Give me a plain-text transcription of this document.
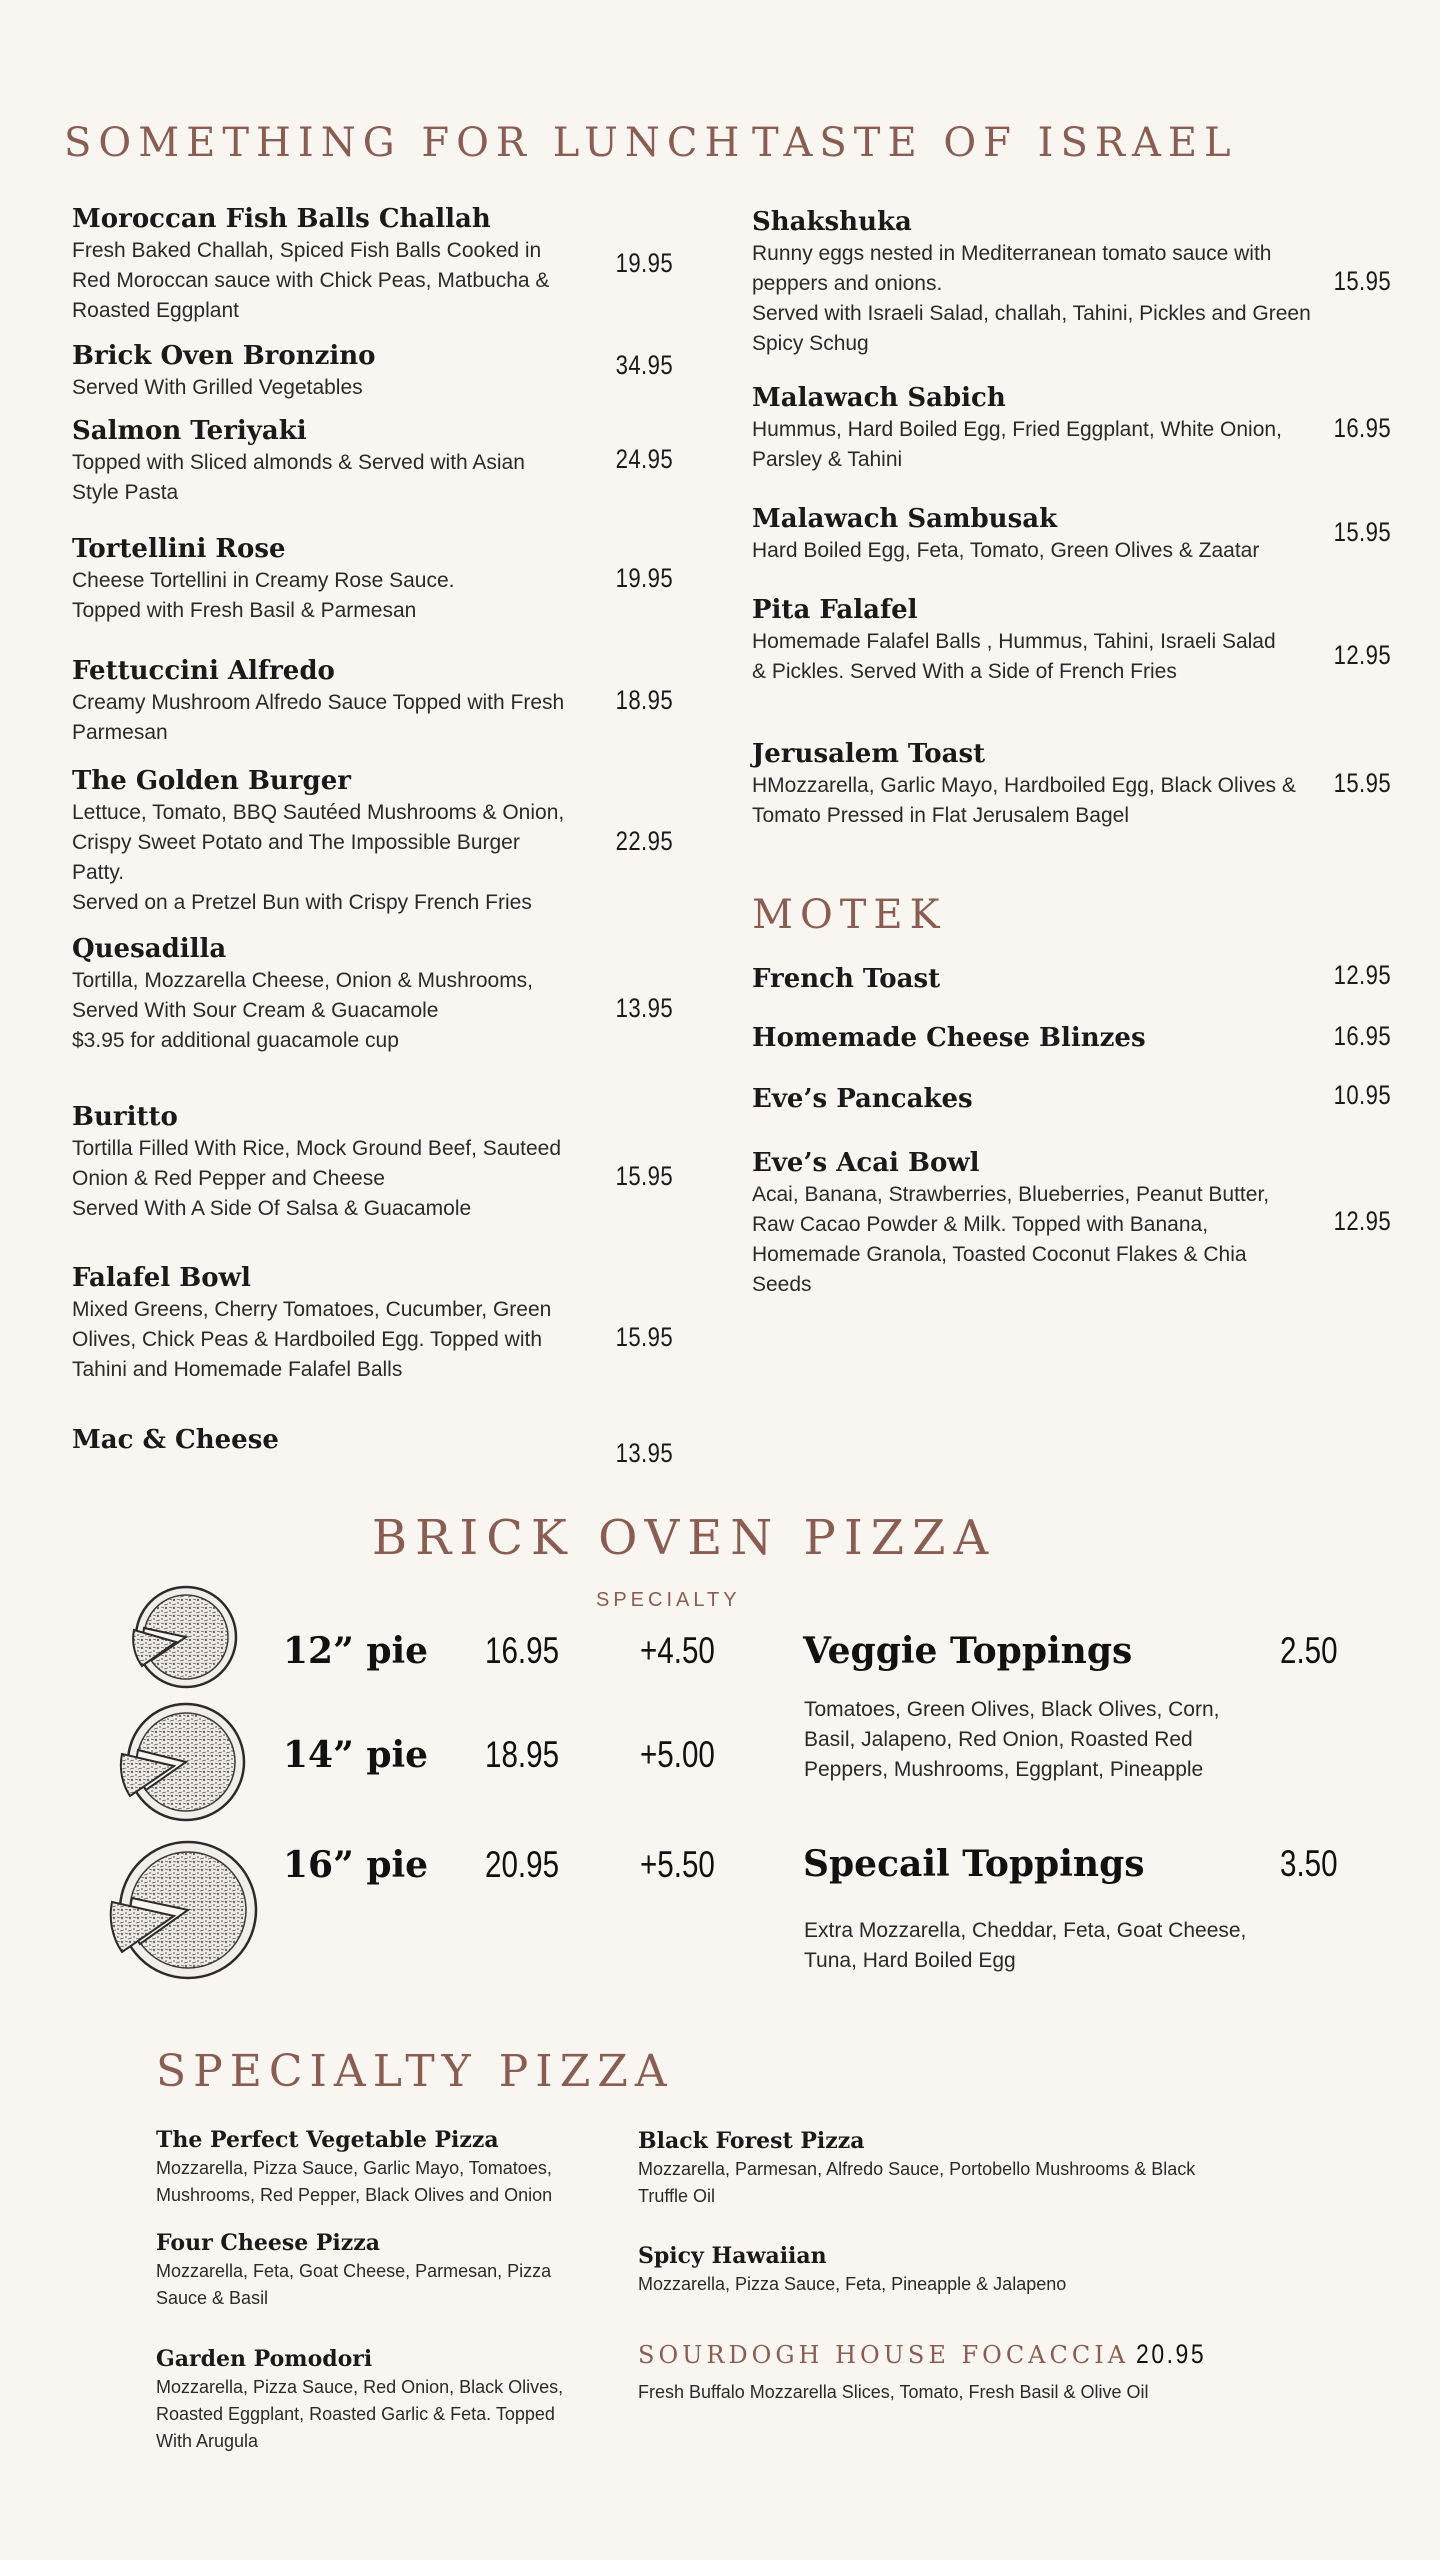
SOMETHING FOR LUNCH
Moroccan Fish Balls Challah
Fresh Baked Challah, Spiced Fish Balls Cooked in
Red Moroccan sauce with Chick Peas, Matbucha &
Roasted Eggplant
19.95
Brick Oven Bronzino
Served With Grilled Vegetables
34.95
Salmon Teriyaki
Topped with Sliced almonds & Served with Asian
Style Pasta
24.95
Tortellini Rose
Cheese Tortellini in Creamy Rose Sauce.
Topped with Fresh Basil & Parmesan
19.95
Fettuccini Alfredo
Creamy Mushroom Alfredo Sauce Topped with Fresh
Parmesan
18.95
The Golden Burger
Lettuce, Tomato, BBQ Sautéed Mushrooms & Onion,
Crispy Sweet Potato and The Impossible Burger
Patty.
Served on a Pretzel Bun with Crispy French Fries
22.95
Quesadilla
Tortilla, Mozzarella Cheese, Onion & Mushrooms,
Served With Sour Cream & Guacamole
$3.95 for additional guacamole cup
13.95
Buritto
Tortilla Filled With Rice, Mock Ground Beef, Sauteed
Onion & Red Pepper and Cheese
Served With A Side Of Salsa & Guacamole
15.95
Falafel Bowl
Mixed Greens, Cherry Tomatoes, Cucumber, Green
Olives, Chick Peas & Hardboiled Egg. Topped with
Tahini and Homemade Falafel Balls
15.95
Mac & Cheese	13.95
TASTE OF ISRAEL
Shakshuka
Runny eggs nested in Mediterranean tomato sauce with
peppers and onions.
Served with Israeli Salad, challah, Tahini, Pickles and Green
Spicy Schug
15.95
Malawach Sabich
Hummus, Hard Boiled Egg, Fried Eggplant, White Onion,
Parsley & Tahini
16.95
Malawach Sambusak
Hard Boiled Egg, Feta, Tomato, Green Olives & Zaatar
15.95
Pita Falafel
Homemade Falafel Balls , Hummus, Tahini, Israeli Salad
& Pickles. Served With a Side of French Fries
12.95
Jerusalem Toast
HMozzarella, Garlic Mayo, Hardboiled Egg, Black Olives &
Tomato Pressed in Flat Jerusalem Bagel
15.95
MOTEK
French Toast	12.95
Homemade Cheese Blinzes	16.95
Eve’s Pancakes	10.95
Eve’s Acai Bowl
Acai, Banana, Strawberries, Blueberries, Peanut Butter,
Raw Cacao Powder & Milk. Topped with Banana,
Homemade Granola, Toasted Coconut Flakes & Chia
Seeds
12.95
BRICK OVEN PIZZA
SPECIALTY
12” pie 16.95 +4.50
14” pie 18.95 +5.00
16” pie 20.95 +5.50
Veggie Toppings	2.50
Tomatoes, Green Olives, Black Olives, Corn,
Basil, Jalapeno, Red Onion, Roasted Red
Peppers, Mushrooms, Eggplant, Pineapple
Specail Toppings	3.50
Extra Mozzarella, Cheddar, Feta, Goat Cheese,
Tuna, Hard Boiled Egg
SPECIALTY PIZZA
The Perfect Vegetable Pizza
Mozzarella, Pizza Sauce, Garlic Mayo, Tomatoes,
Mushrooms, Red Pepper, Black Olives and Onion
Four Cheese Pizza
Mozzarella, Feta, Goat Cheese, Parmesan, Pizza
Sauce & Basil
Garden Pomodori
Mozzarella, Pizza Sauce, Red Onion, Black Olives,
Roasted Eggplant, Roasted Garlic & Feta. Topped
With Arugula
Black Forest Pizza
Mozzarella, Parmesan, Alfredo Sauce, Portobello Mushrooms & Black
Truffle Oil
Spicy Hawaiian
Mozzarella, Pizza Sauce, Feta, Pineapple & Jalapeno
SOURDOGH HOUSE FOCACCIA 20.95
Fresh Buffalo Mozzarella Slices, Tomato, Fresh Basil & Olive Oil
